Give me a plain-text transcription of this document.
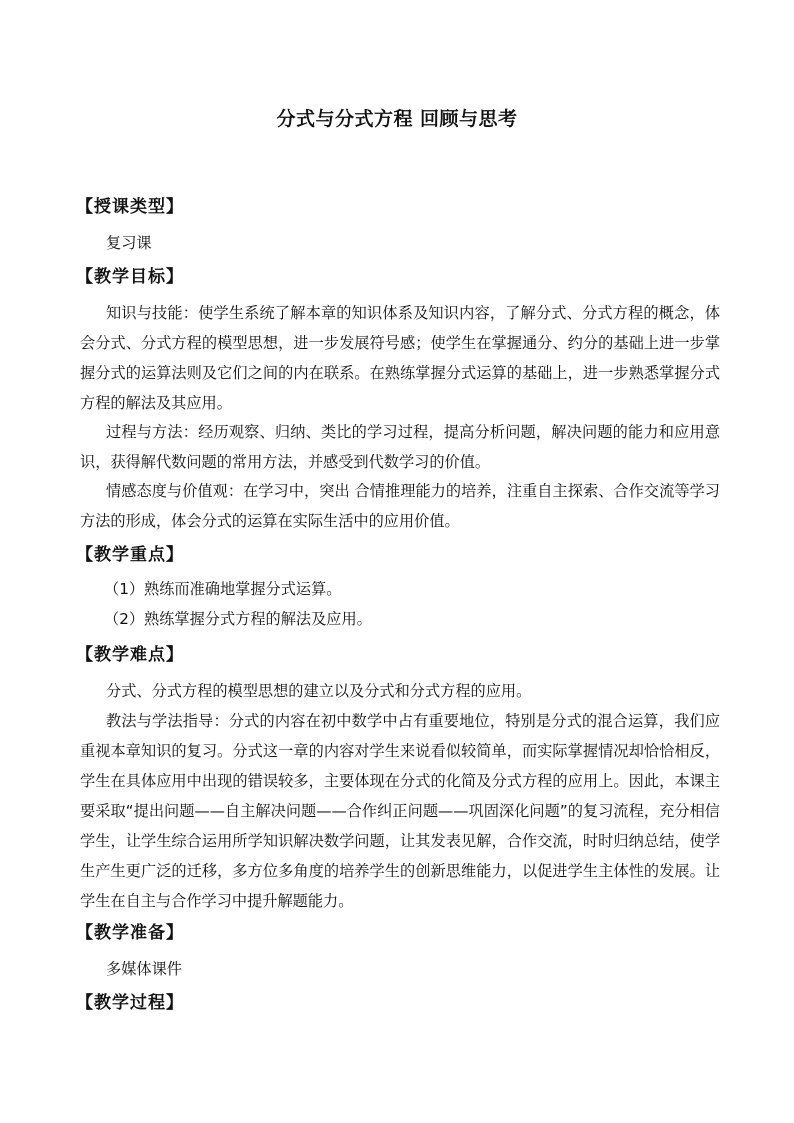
分式与分式方程 回顾与思考
【授课类型】
复习课
【教学目标】
知识与技能：使学生系统了解本章的知识体系及知识内容，了解分式、分式方程的概念，体会分式、分式方程的模型思想，进一步发展符号感；使学生在掌握通分、约分的基础上进一步掌握分式的运算法则及它们之间的内在联系。在熟练掌握分式运算的基础上，进一步熟悉掌握分式方程的解法及其应用。
过程与方法：经历观察、归纳、类比的学习过程，提高分析问题，解决问题的能力和应用意识，获得解代数问题的常用方法，并感受到代数学习的价值。
情感态度与价值观：在学习中，突出 合情推理能力的培养，注重自主探索、合作交流等学习方法的形成，体会分式的运算在实际生活中的应用价值。
【教学重点】
（1）熟练而准确地掌握分式运算。
（2）熟练掌握分式方程的解法及应用。
【教学难点】
分式、分式方程的模型思想的建立以及分式和分式方程的应用。
教法与学法指导：分式的内容在初中数学中占有重要地位，特别是分式的混合运算，我们应重视本章知识的复习。分式这一章的内容对学生来说看似较简单，而实际掌握情况却恰恰相反，学生在具体应用中出现的错误较多，主要体现在分式的化简及分式方程的应用上。因此，本课主要采取“提出问题——自主解决问题——合作纠正问题——巩固深化问题”的复习流程，充分相信学生，让学生综合运用所学知识解决数学问题，让其发表见解，合作交流，时时归纳总结，使学生产生更广泛的迁移，多方位多角度的培养学生的创新思维能力，以促进学生主体性的发展。让学生在自主与合作学习中提升解题能力。
【教学准备】
多媒体课件
【教学过程】
